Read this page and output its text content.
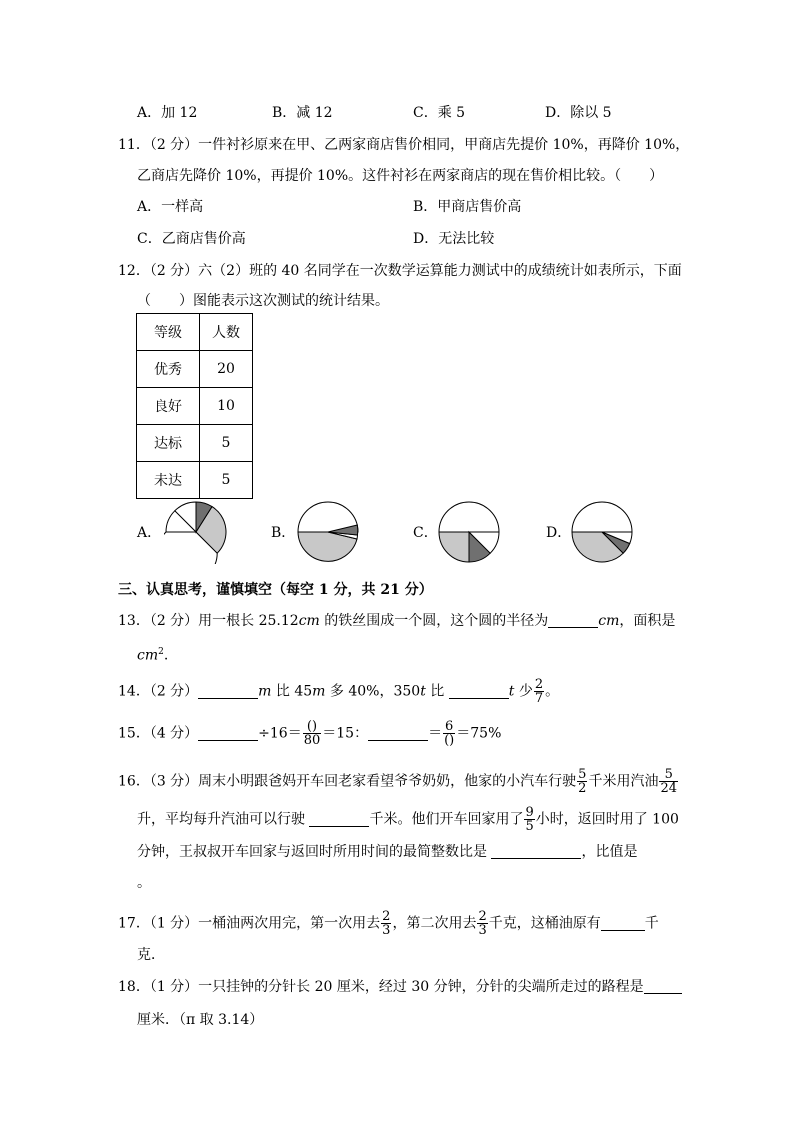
A．加 12	B．减 12	C．乘 5	D．除以 5
11．（2 分）一件衬衫原来在甲、乙两家商店售价相同，甲商店先提价 10%，再降价 10%，
乙商店先降价 10%，再提价 10%。这件衬衫在两家商店的现在售价相比较。（　　）
A．一样高	B．甲商店售价高
C．乙商店售价高	D．无法比较
12．（2 分）六（2）班的 40 名同学在一次数学运算能力测试中的成绩统计如表所示，下面
（　　）图能表示这次测试的统计结果。
等级	人数
优秀	20
良好	10
达标	5
未达	5
A．	B．	C．	D．
三、认真思考，谨慎填空（每空 1 分，共 21 分）
13．（2 分）用一根长 25.12cm 的铁丝围成一个圆，这个圆的半径为	cm，面积是
$cm^2$.
14．（2 分）	m 比 45m 多 40%，350t 比	t 少 $\frac{2}{7}$ 。
15．（4 分）	$\div 16= \frac{()}{80} =15$：	＝ $\frac{6}{()} =75\%$
16．（3 分）周末小明跟爸妈开车回老家看望爷爷奶奶，他家的小汽车行驶 $\frac{5}{2}$ 千米用汽油 $\frac{5}{24}$
升，平均每升汽油可以行驶	千米。他们开车回家用了 $\frac{9}{5}$ 小时，返回时用了 100
分钟，王叔叔开车回家与返回时所用时间的最简整数比是	，比值是
。
17．（1 分）一桶油两次用完，第一次用去 $\frac{2}{3}$ ，第二次用去 $\frac{2}{3}$ 千克，这桶油原有	千
克．
18．（1 分）一只挂钟的分针长 20 厘米，经过 30 分钟，分针的尖端所走过的路程是
厘米．（π 取 3.14）
